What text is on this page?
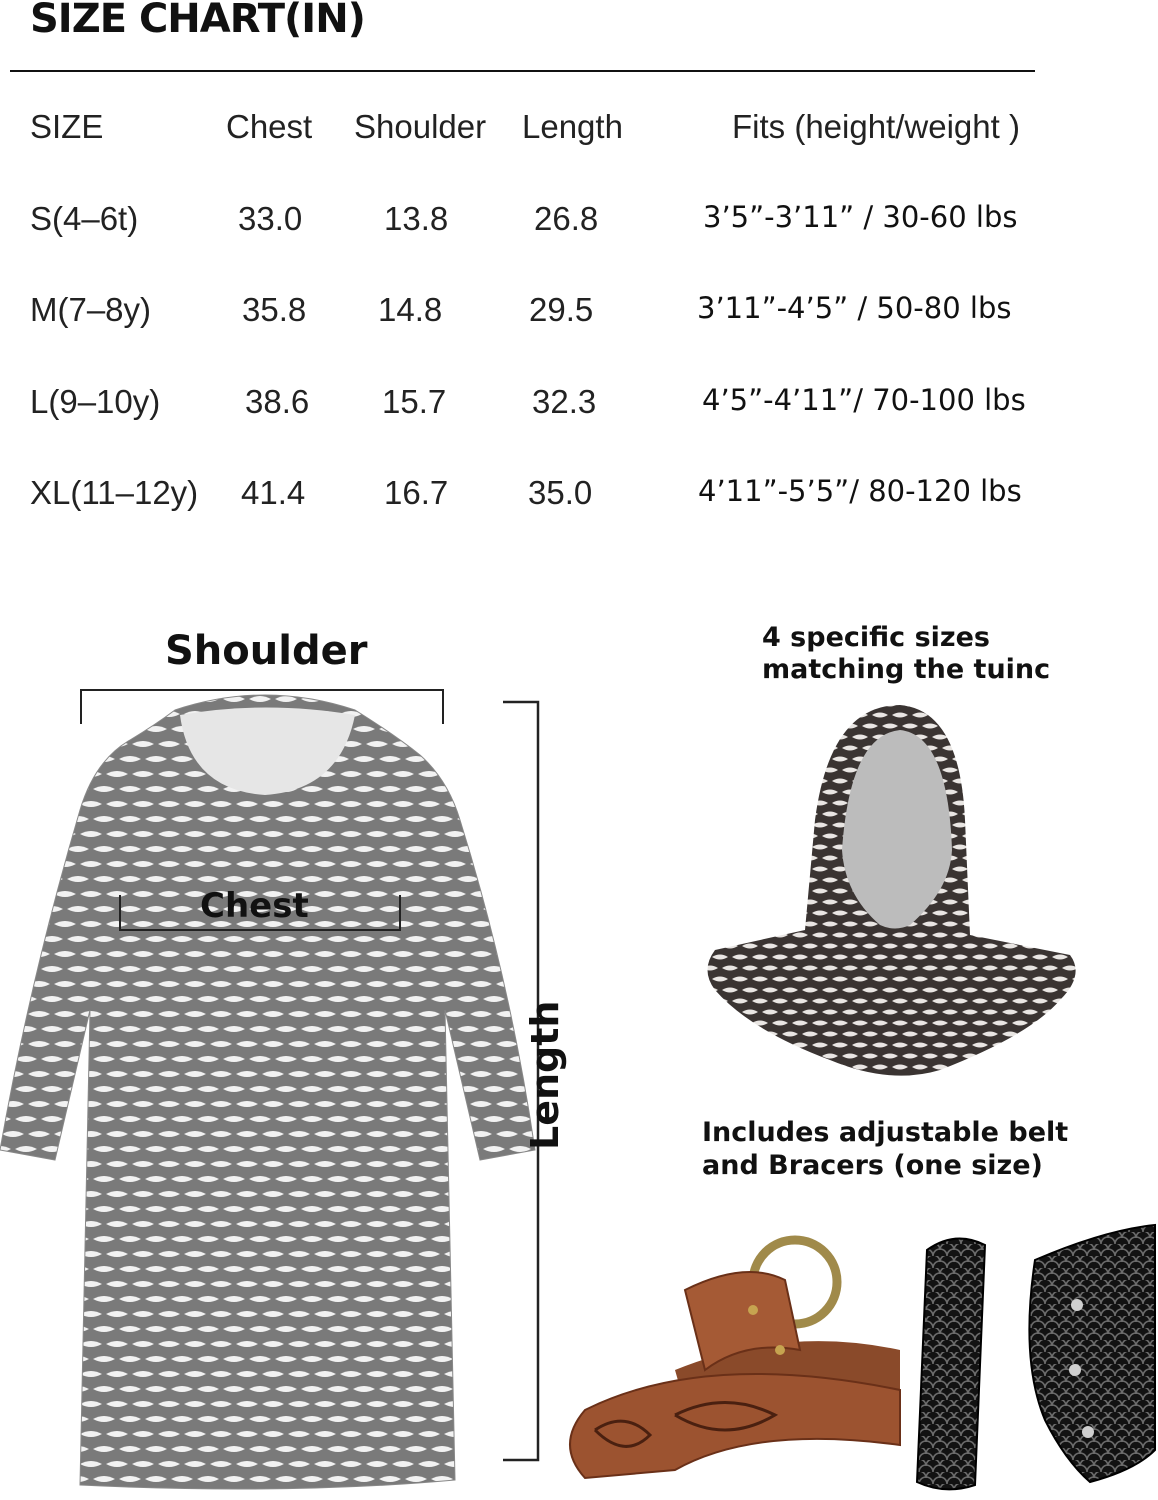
SIZE CHART(IN)
SIZE	Chest Shoulder Length	Fits (height/weight )
S(4–6t)	33.0 13.8	26.8	3’5”-3’11” / 30-60 lbs
M(7–8y)	35.8 14.8	29.5	3’11”-4’5” / 50-80 lbs
L(9–10y)	38.6 15.7	32.3	4’5”-4’11”/ 70-100 lbs
XL(11–12y) 41.4 16.7 35.0	4’11”-5’5”/ 80-120 lbs
Shoulder
Chest
Length
4 specific sizes
matching the tuinc
Includes adjustable belt
and Bracers (one size)
